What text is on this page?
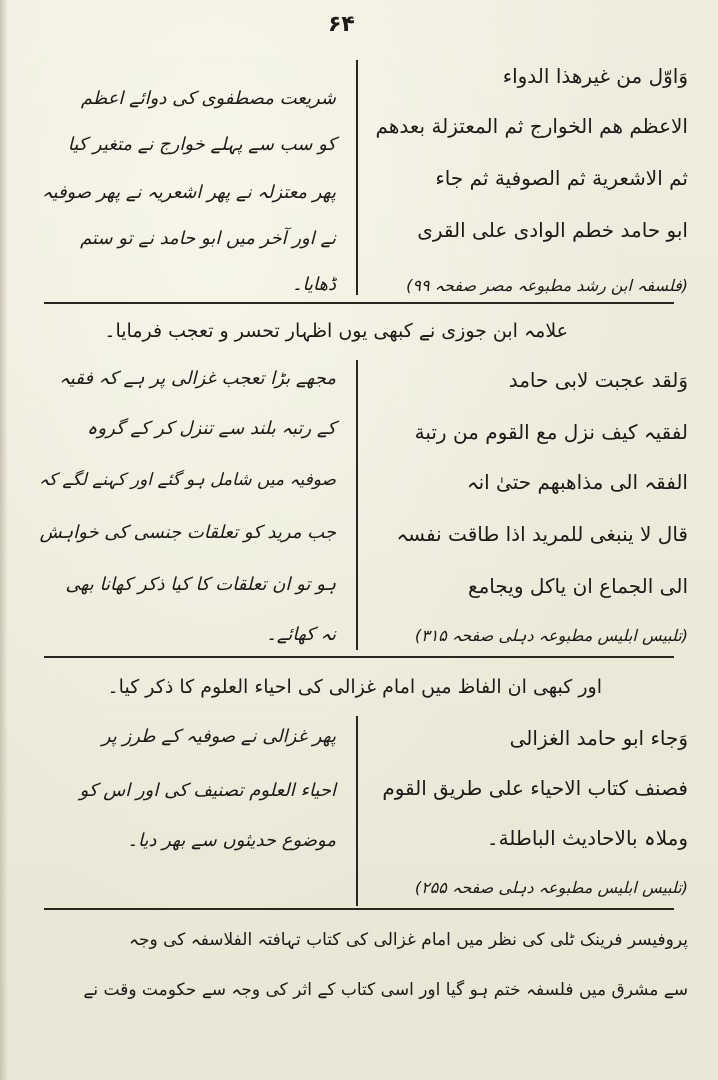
۶۴
وَاوّل من غیرھذا الدواء
الاعظم ھم الخوارج ثم المعتزلة بعدھم
ثم الاشعریة ثم الصوفیة ثم جاء
ابو حامد خطم الوادی علی القری
(فلسفہ ابن رشد مطبوعہ مصر صفحہ ۹۹)
شریعت مصطفوی کی دوائے اعظم
کو سب سے پہلے خوارج نے متغیر کیا
پھر معتزلہ نے پھر اشعریہ نے پھر صوفیہ
نے اور آخر میں ابو حامد نے تو ستم
ڈھایا۔
علامہ ابن جوزی نے کبھی یوں اظہار تحسر و تعجب فرمایا۔
وَلقد عجبت لابی حامد
لفقیہ کیف نزل مع القوم من رتبة
الفقہ الی مذاھبھم حتیٰ انہ
قال لا ینبغی للمرید اذا طاقت نفسہ
الی الجماع ان یاکل ویجامع
(تلبیس ابلیس مطبوعہ دہلی صفحہ ۳۱۵)
مجھے بڑا تعجب غزالی پر ہے کہ فقیہ
کے رتبہ بلند سے تنزل کر کے گروہ
صوفیہ میں شامل ہو گئے اور کہنے لگے کہ
جب مرید کو تعلقات جنسی کی خواہش
ہو تو ان تعلقات کا کیا ذکر کھانا بھی
نہ کھائے۔
اور کبھی ان الفاظ میں امام غزالی کی احیاء العلوم کا ذکر کیا۔
وَجاء ابو حامد الغزالی
فصنف کتاب الاحیاء علی طریق القوم
وملاہ بالاحادیث الباطلة۔
(تلبیس ابلیس مطبوعہ دہلی صفحہ ۲۵۵)
پھر غزالی نے صوفیہ کے طرز پر
احیاء العلوم تصنیف کی اور اس کو
موضوع حدیثوں سے بھر دیا۔
پروفیسر فرینک ٹلی کی نظر میں امام غزالی کی کتاب تہافتہ الفلاسفہ کی وجہ
سے مشرق میں فلسفہ ختم ہو گیا اور اسی کتاب کے اثر کی وجہ سے حکومت وقت نے
